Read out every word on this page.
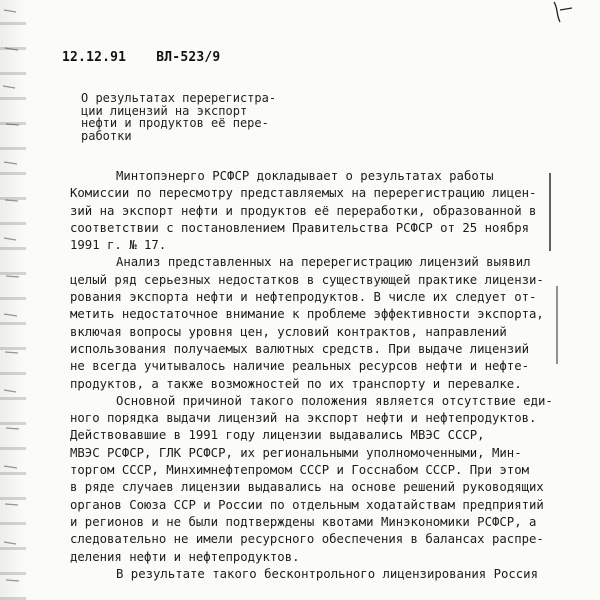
12.12.91 ВЛ-523/9
О результатах перерегистра-
ции лицензий на экспорт
нефти и продуктов её пере-
работки
Минтопэнерго РСФСР докладывает о результатах работы
Комиссии по пересмотру представляемых на перерегистрацию лицен-
зий на экспорт нефти и продуктов её переработки, образованной в
соответствии с постановлением Правительства РСФСР от 25 ноября
1991 г. № 17.
Анализ представленных на перерегистрацию лицензий выявил
целый ряд серьезных недостатков в существующей практике лицензи-
рования экспорта нефти и нефтепродуктов. В числе их следует от-
метить недостаточное внимание к проблеме эффективности экспорта,
включая вопросы уровня цен, условий контрактов, направлений
использования получаемых валютных средств. При выдаче лицензий
не всегда учитывалось наличие реальных ресурсов нефти и нефте-
продуктов, а также возможностей по их транспорту и перевалке.
Основной причиной такого положения является отсутствие еди-
ного порядка выдачи лицензий на экспорт нефти и нефтепродуктов.
Действовавшие в 1991 году лицензии выдавались МВЭС СССР,
МВЭС РСФСР, ГЛК РСФСР, их региональными уполномоченными, Мин-
торгом СССР, Минхимнефтепромом СССР и Госснабом СССР. При этом
в ряде случаев лицензии выдавались на основе решений руководящих
органов Союза ССР и России по отдельным ходатайствам предприятий
и регионов и не были подтверждены квотами Минэкономики РСФСР, а
следовательно не имели ресурсного обеспечения в балансах распре-
деления нефти и нефтепродуктов.
В результате такого бесконтрольного лицензирования Россия
